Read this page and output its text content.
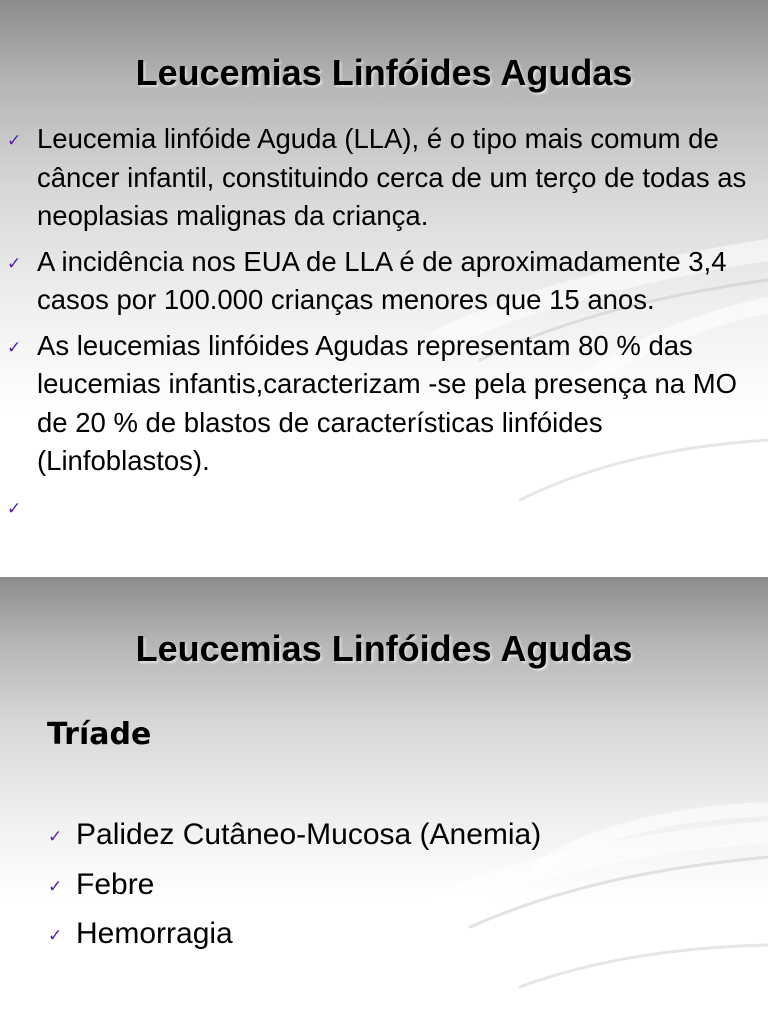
Leucemias Linfóides Agudas
✓ Leucemia linfóide Aguda (LLA), é o tipo mais comum de câncer infantil, constituindo cerca de um terço de todas as neoplasias malignas da criança.
✓ A incidência nos EUA de LLA é de aproximadamente 3,4 casos por 100.000 crianças menores que 15 anos.
✓ As leucemias linfóides Agudas representam 80 % das leucemias infantis,caracterizam -se pela presença na MO de 20 % de blastos de características linfóides (Linfoblastos).
✓
Leucemias Linfóides Agudas
Tríade
✓ Palidez Cutâneo-Mucosa (Anemia)
✓ Febre
✓ Hemorragia
